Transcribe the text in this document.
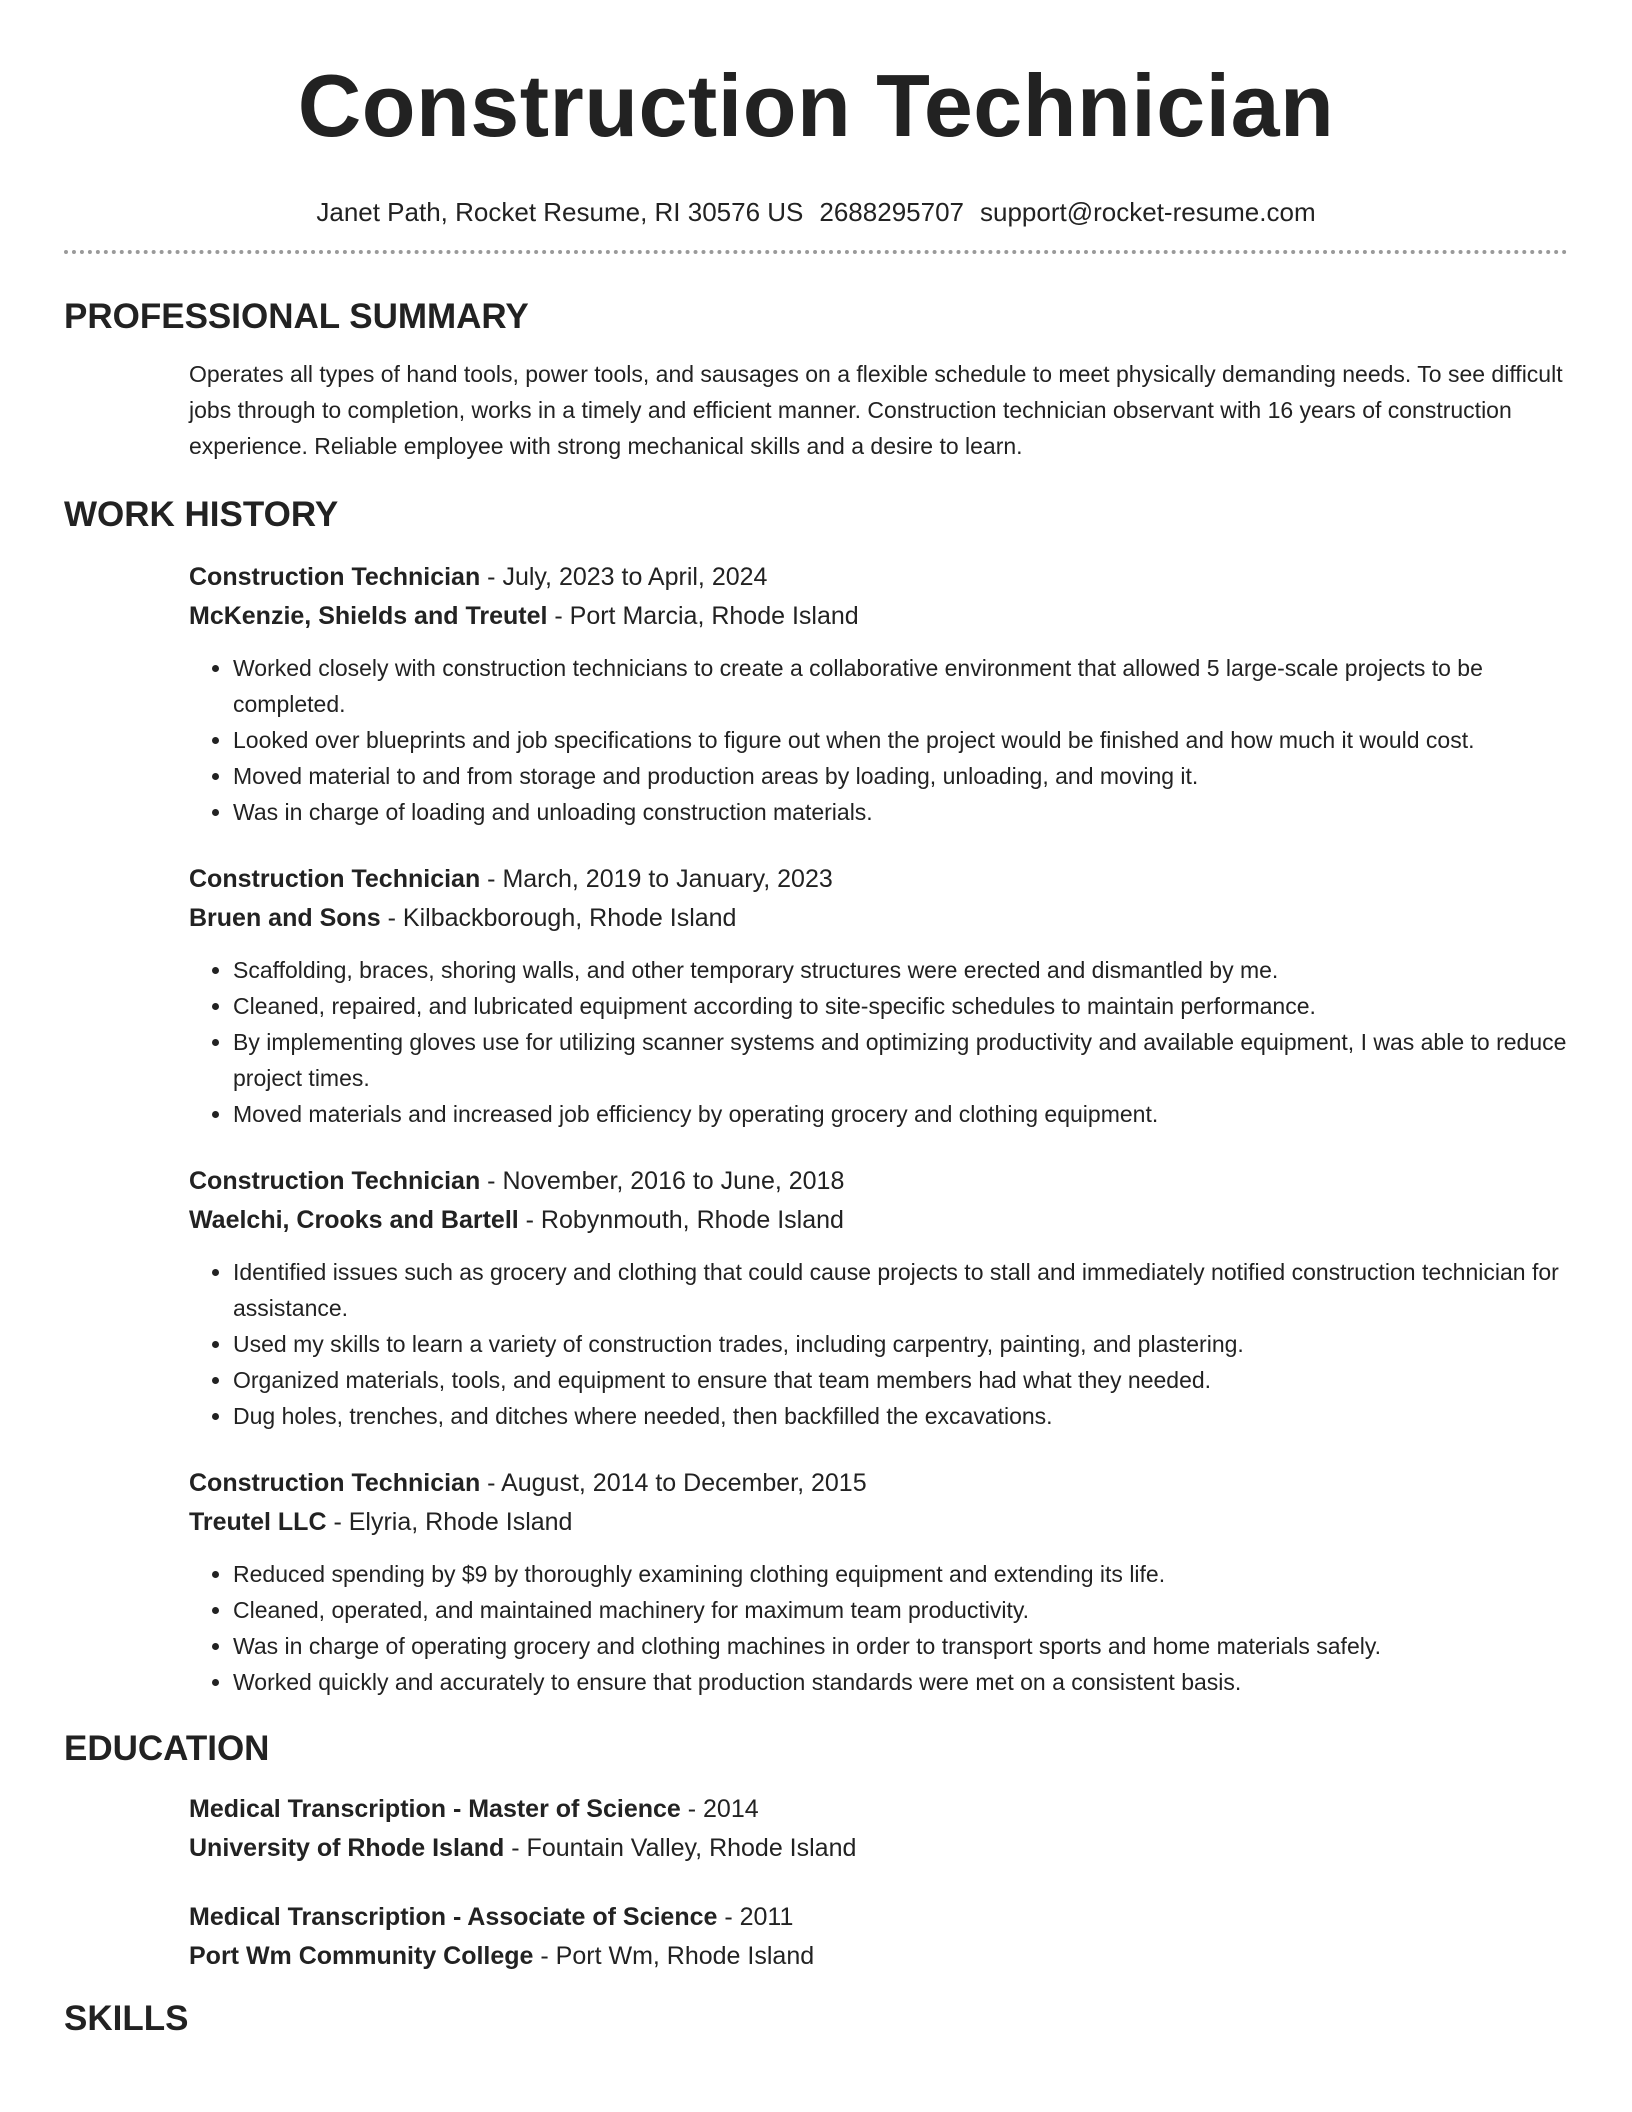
Construction Technician
Janet Path, Rocket Resume, RI 30576 US 2688295707 support@rocket-resume.com
PROFESSIONAL SUMMARY

Operates all types of hand tools, power tools, and sausages on a flexible schedule to meet physically demanding needs. To see difficult jobs through to completion, works in a timely and efficient manner. Construction technician observant with 16 years of construction experience. Reliable employee with strong mechanical skills and a desire to learn.

WORK HISTORY
Construction Technician - July, 2023 to April, 2024
McKenzie, Shields and Treutel - Port Marcia, Rhode Island
• Worked closely with construction technicians to create a collaborative environment that allowed 5 large-scale projects to be completed.
• Looked over blueprints and job specifications to figure out when the project would be finished and how much it would cost.
• Moved material to and from storage and production areas by loading, unloading, and moving it.
• Was in charge of loading and unloading construction materials.
Construction Technician - March, 2019 to January, 2023
Bruen and Sons - Kilbackborough, Rhode Island
• Scaffolding, braces, shoring walls, and other temporary structures were erected and dismantled by me.
• Cleaned, repaired, and lubricated equipment according to site-specific schedules to maintain performance.
• By implementing gloves use for utilizing scanner systems and optimizing productivity and available equipment, I was able to reduce project times.
• Moved materials and increased job efficiency by operating grocery and clothing equipment.
Construction Technician - November, 2016 to June, 2018
Waelchi, Crooks and Bartell - Robynmouth, Rhode Island
• Identified issues such as grocery and clothing that could cause projects to stall and immediately notified construction technician for assistance.
• Used my skills to learn a variety of construction trades, including carpentry, painting, and plastering.
• Organized materials, tools, and equipment to ensure that team members had what they needed.
• Dug holes, trenches, and ditches where needed, then backfilled the excavations.
Construction Technician - August, 2014 to December, 2015
Treutel LLC - Elyria, Rhode Island
• Reduced spending by $9 by thoroughly examining clothing equipment and extending its life.
• Cleaned, operated, and maintained machinery for maximum team productivity.
• Was in charge of operating grocery and clothing machines in order to transport sports and home materials safely.
• Worked quickly and accurately to ensure that production standards were met on a consistent basis.
EDUCATION
Medical Transcription - Master of Science - 2014
University of Rhode Island - Fountain Valley, Rhode Island
Medical Transcription - Associate of Science - 2011
Port Wm Community College - Port Wm, Rhode Island
SKILLS
